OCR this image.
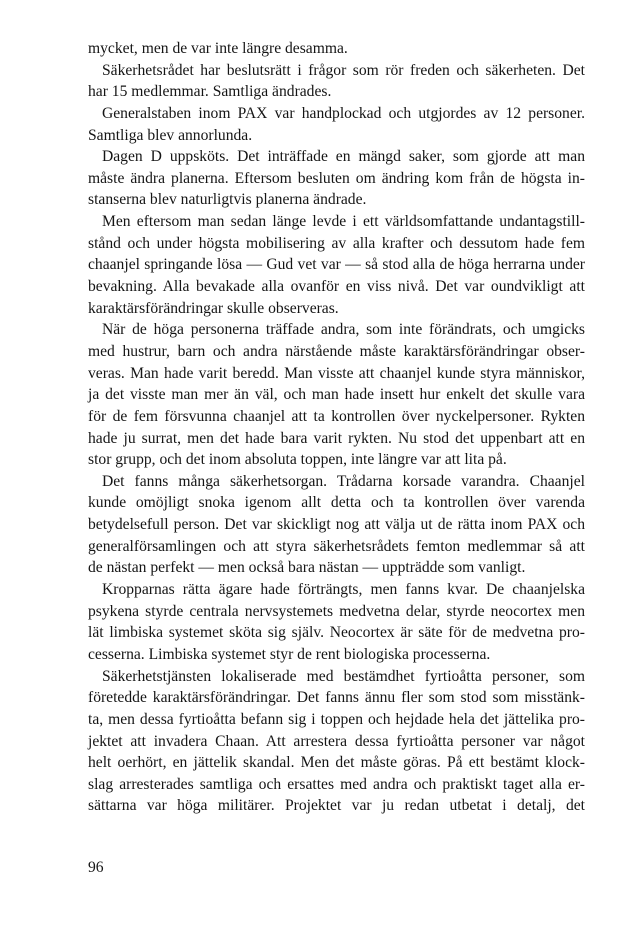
mycket, men de var inte längre desamma.
Säkerhetsrådet har beslutsrätt i frågor som rör freden och säkerheten. Det
har 15 medlemmar. Samtliga ändrades.
Generalstaben inom PAX var handplockad och utgjordes av 12 personer.
Samtliga blev annorlunda.
Dagen D uppsköts. Det inträffade en mängd saker, som gjorde att man
måste ändra planerna. Eftersom besluten om ändring kom från de högsta in-
stanserna blev naturligtvis planerna ändrade.
Men eftersom man sedan länge levde i ett världsomfattande undantagstill-
stånd och under högsta mobilisering av alla krafter och dessutom hade fem
chaanjel springande lösa — Gud vet var — så stod alla de höga herrarna under
bevakning. Alla bevakade alla ovanför en viss nivå. Det var oundvikligt att
karaktärsförändringar skulle observeras.
När de höga personerna träffade andra, som inte förändrats, och umgicks
med hustrur, barn och andra närstående måste karaktärsförändringar obser-
veras. Man hade varit beredd. Man visste att chaanjel kunde styra människor,
ja det visste man mer än väl, och man hade insett hur enkelt det skulle vara
för de fem försvunna chaanjel att ta kontrollen över nyckelpersoner. Rykten
hade ju surrat, men det hade bara varit rykten. Nu stod det uppenbart att en
stor grupp, och det inom absoluta toppen, inte längre var att lita på.
Det fanns många säkerhetsorgan. Trådarna korsade varandra. Chaanjel
kunde omöjligt snoka igenom allt detta och ta kontrollen över varenda
betydelsefull person. Det var skickligt nog att välja ut de rätta inom PAX och
generalförsamlingen och att styra säkerhetsrådets femton medlemmar så att
de nästan perfekt — men också bara nästan — uppträdde som vanligt.
Kropparnas rätta ägare hade förträngts, men fanns kvar. De chaanjelska
psykena styrde centrala nervsystemets medvetna delar, styrde neocortex men
lät limbiska systemet sköta sig själv. Neocortex är säte för de medvetna pro-
cesserna. Limbiska systemet styr de rent biologiska processerna.
Säkerhetstjänsten lokaliserade med bestämdhet fyrtioåtta personer, som
företedde karaktärsförändringar. Det fanns ännu fler som stod som misstänk-
ta, men dessa fyrtioåtta befann sig i toppen och hejdade hela det jättelika pro-
jektet att invadera Chaan. Att arrestera dessa fyrtioåtta personer var något
helt oerhört, en jättelik skandal. Men det måste göras. På ett bestämt klock-
slag arresterades samtliga och ersattes med andra och praktiskt taget alla er-
sättarna var höga militärer. Projektet var ju redan utbetat i detalj, det
96
